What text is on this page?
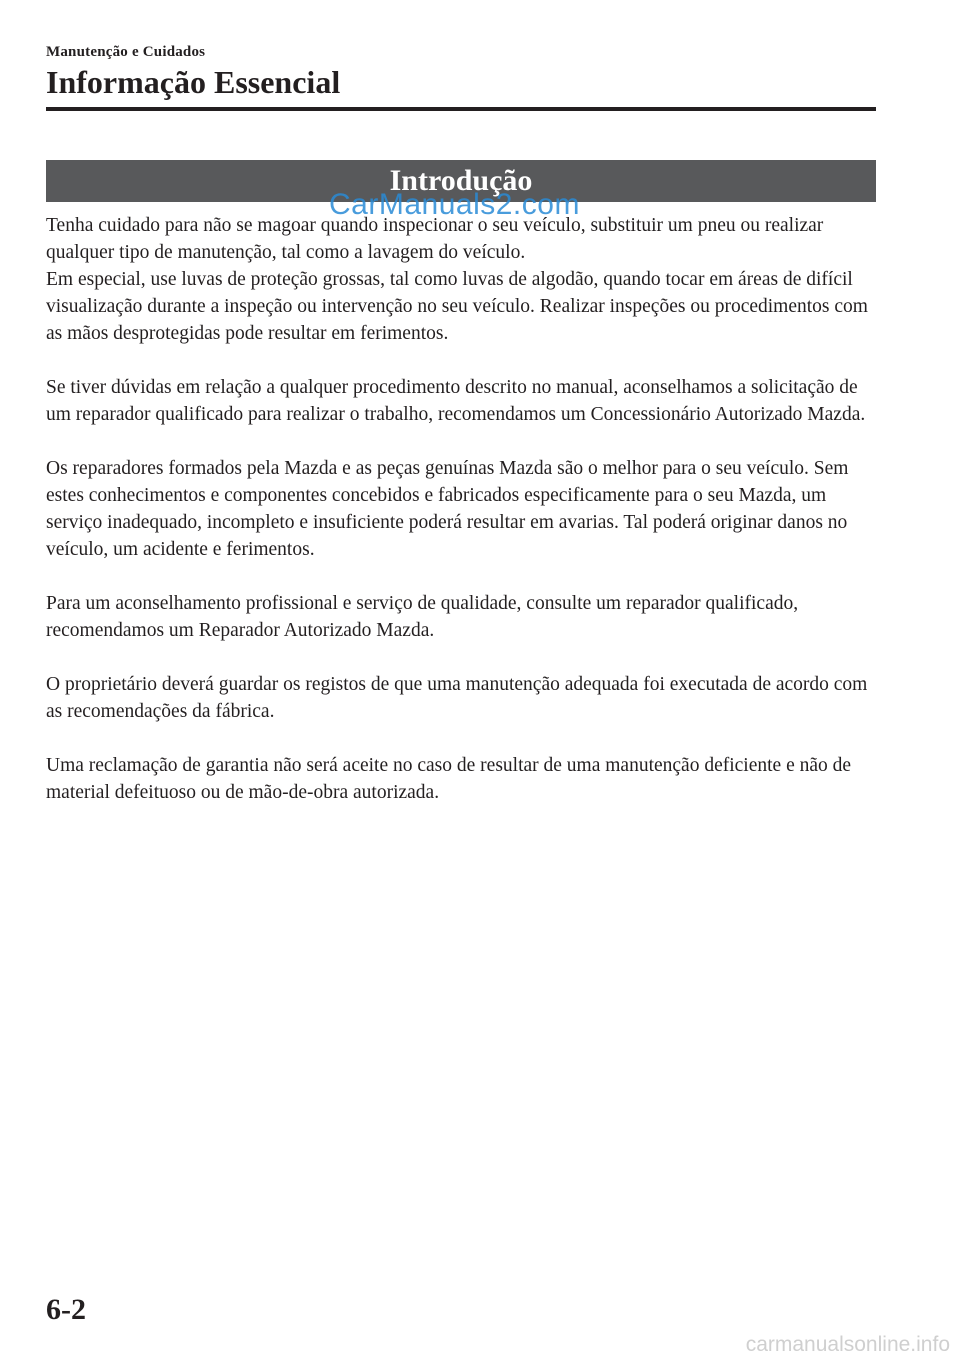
Manutenção e Cuidados
Informação Essencial
Introdução
CarManuals2.com

Tenha cuidado para não se magoar quando inspecionar o seu veículo, substituir um pneu ou realizar qualquer tipo de manutenção, tal como a lavagem do veículo.

Em especial, use luvas de proteção grossas, tal como luvas de algodão, quando tocar em áreas de difícil visualização durante a inspeção ou intervenção no seu veículo. Realizar inspeções ou procedimentos com as mãos desprotegidas pode resultar em ferimentos.

Se tiver dúvidas em relação a qualquer procedimento descrito no manual, aconselhamos a solicitação de um reparador qualificado para realizar o trabalho, recomendamos um Concessionário Autorizado Mazda.

Os reparadores formados pela Mazda e as peças genuínas Mazda são o melhor para o seu veículo. Sem estes conhecimentos e componentes concebidos e fabricados especificamente para o seu Mazda, um serviço inadequado, incompleto e insuficiente poderá resultar em avarias. Tal poderá originar danos no veículo, um acidente e ferimentos.

Para um aconselhamento profissional e serviço de qualidade, consulte um reparador qualificado, recomendamos um Reparador Autorizado Mazda.

O proprietário deverá guardar os registos de que uma manutenção adequada foi executada de acordo com as recomendações da fábrica.

Uma reclamação de garantia não será aceite no caso de resultar de uma manutenção deficiente e não de material defeituoso ou de mão-de-obra autorizada.

6-2
carmanualsonline.info
